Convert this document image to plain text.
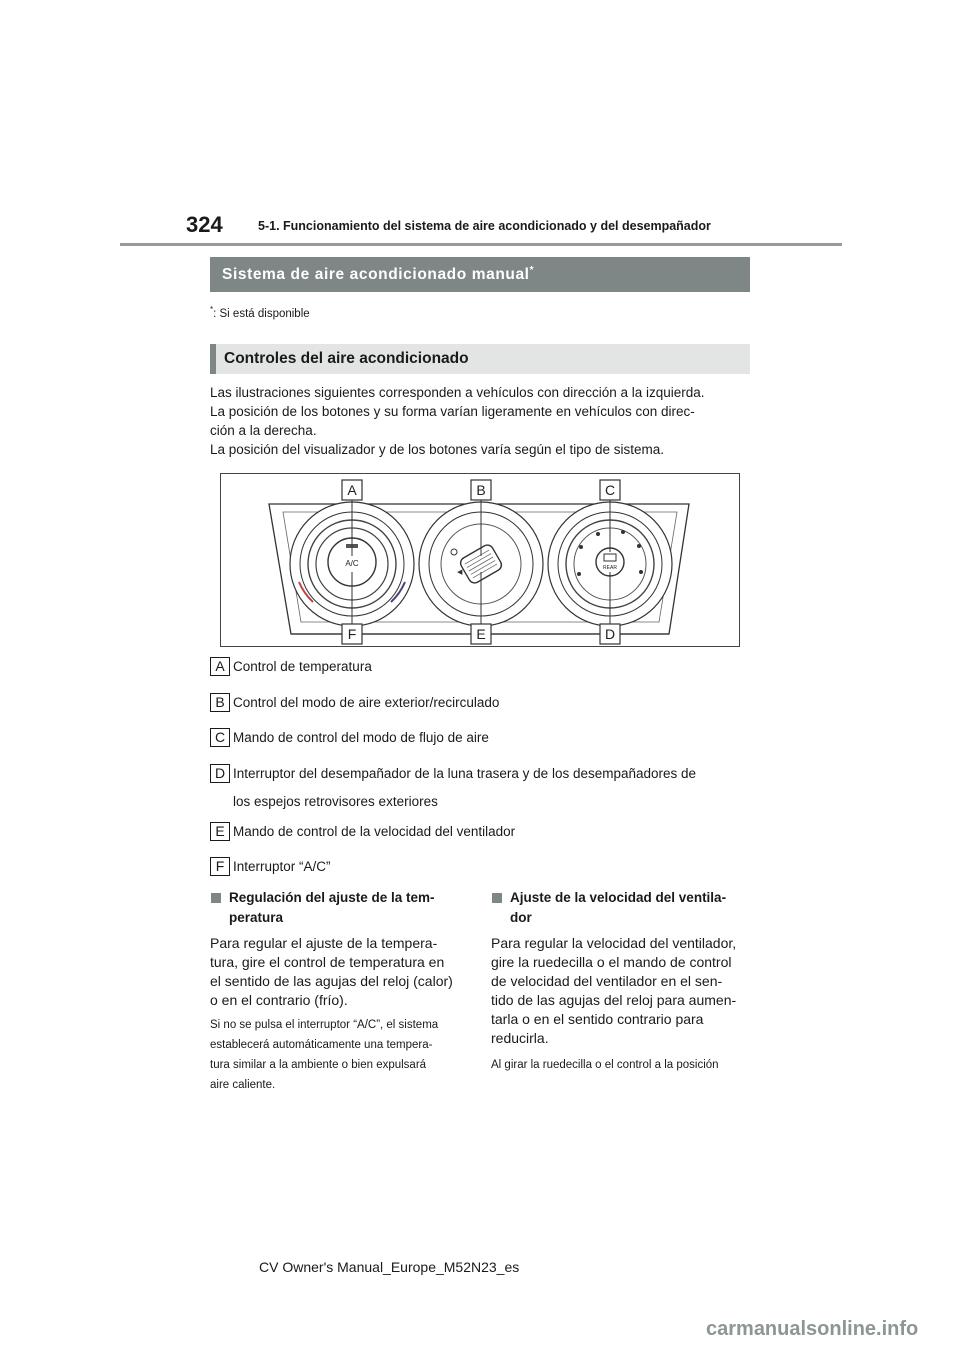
324	5-1. Funcionamiento del sistema de aire acondicionado y del desempañador
Sistema de aire acondicionado manual*
*: Si está disponible
Controles del aire acondicionado
Las ilustraciones siguientes corresponden a vehículos con dirección a la izquierda.
La posición de los botones y su forma varían ligeramente en vehículos con direc-
ción a la derecha.
La posición del visualizador y de los botones varía según el tipo de sistema.
A/C
◀
REAR
A	B	C
F	E	D
A Control de temperatura
B Control del modo de aire exterior/recirculado
C Mando de control del modo de flujo de aire
D Interruptor del desempañador de la luna trasera y de los desempañadores de
los espejos retrovisores exteriores
E Mando de control de la velocidad del ventilador
F Interruptor “A/C”
Regulación del ajuste de la tem-
peratura
Para regular el ajuste de la tempera-
tura, gire el control de temperatura en
el sentido de las agujas del reloj (calor)
o en el contrario (frío).
Si no se pulsa el interruptor “A/C”, el sistema
establecerá automáticamente una tempera-
tura similar a la ambiente o bien expulsará
aire caliente.
Ajuste de la velocidad del ventila-
dor
Para regular la velocidad del ventilador,
gire la ruedecilla o el mando de control
de velocidad del ventilador en el sen-
tido de las agujas del reloj para aumen-
tarla o en el sentido contrario para
reducirla.
Al girar la ruedecilla o el control a la posición
CV Owner's Manual_Europe_M52N23_es
carmanualsonline.info
